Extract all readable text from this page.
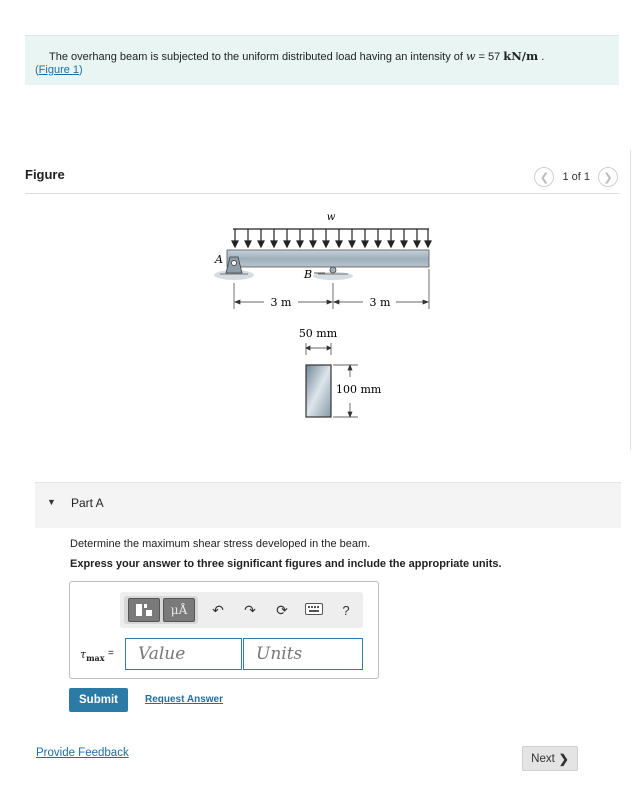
The overhang beam is subjected to the uniform distributed load having an intensity of w = 57 kN/m .
(Figure 1)
Figure	❮	1 of 1	❯
w
A
B
3 m	3 m
50 mm
100 mm
▼ Part A
Determine the maximum shear stress developed in the beam.
Express your answer to three significant figures and include the appropriate units.
μÅ	↶	↷	⟳	?
$\tau_{max}$ =
Value
Units
Submit	Request Answer
Provide Feedback	Next ❯
